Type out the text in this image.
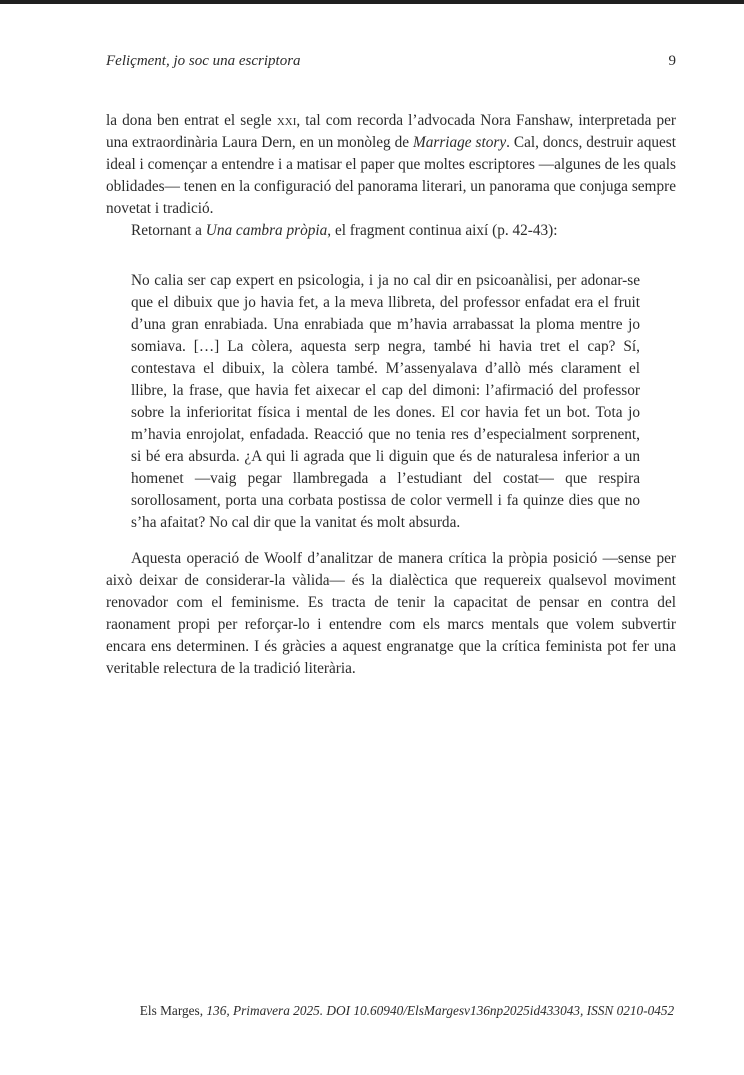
Feliçment, jo soc una escriptora	9

la dona ben entrat el segle xxi, tal com recorda l’advocada Nora Fanshaw, interpretada per una extraordinària Laura Dern, en un monòleg de Marriage story. Cal, doncs, destruir aquest ideal i començar a entendre i a matisar el paper que moltes escriptores —algunes de les quals oblidades— tenen en la configuració del panorama literari, un panorama que conjuga sempre novetat i tradició.

Retornant a Una cambra pròpia, el fragment continua així (p. 42-43):

No calia ser cap expert en psicologia, i ja no cal dir en psicoanàlisi, per adonar-se que el dibuix que jo havia fet, a la meva llibreta, del professor enfadat era el fruit d’una gran enrabiada. Una enrabiada que m’havia arrabassat la ploma mentre jo somiava. […] La còlera, aquesta serp negra, també hi havia tret el cap? Sí, contestava el dibuix, la còlera també. M’assenyalava d’allò més clarament el llibre, la frase, que havia fet aixecar el cap del dimoni: l’afirmació del professor sobre la inferioritat física i mental de les dones. El cor havia fet un bot. Tota jo m’havia enrojolat, enfadada. Reacció que no tenia res d’especialment sorprenent, si bé era absurda. ¿A qui li agrada que li diguin que és de naturalesa inferior a un homenet —vaig pegar llambregada a l’estudiant del costat— que respira sorollosament, porta una corbata postissa de color vermell i fa quinze dies que no s’ha afaitat? No cal dir que la vanitat és molt absurda.

Aquesta operació de Woolf d’analitzar de manera crítica la pròpia posició —sense per això deixar de considerar-la vàlida— és la dialèctica que requereix qualsevol moviment renovador com el feminisme. Es tracta de tenir la capacitat de pensar en contra del raonament propi per reforçar-lo i entendre com els marcs mentals que volem subvertir encara ens determinen. I és gràcies a aquest engranatge que la crítica feminista pot fer una veritable relectura de la tradició literària.

Els Marges, 136, Primavera 2025. DOI 10.60940/ElsMargesv136np2025id433043, ISSN 0210-0452
